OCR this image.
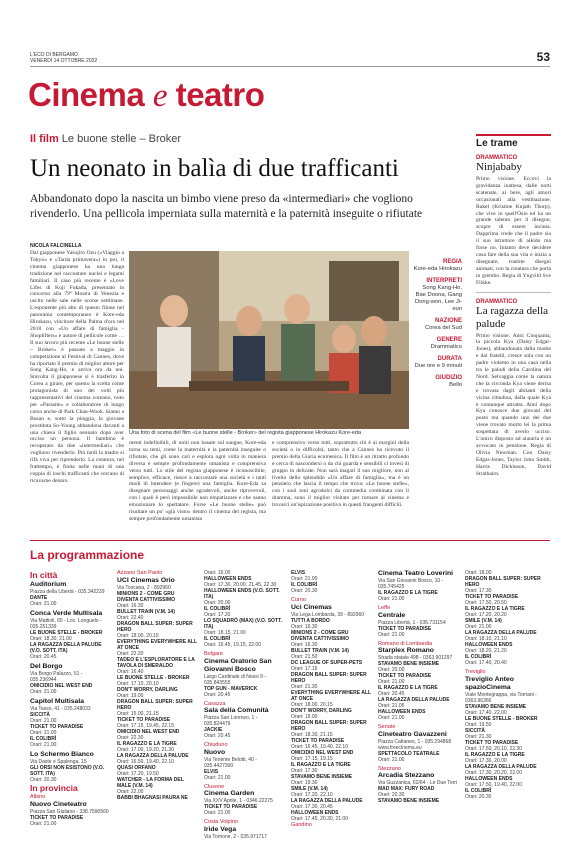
L'ECO DI BERGAMO
VENERDÌ 14 OTTOBRE 2022	53
Cinema e teatro
Il film Le buone stelle – Broker
Un neonato in balìa di due trafficanti
Abbandonato dopo la nascita un bimbo viene preso da «intermediari» che vogliono rivenderlo. Una pellicola imperniata sulla maternità e la paternità inseguite o rifiutate
NICOLA FALCINELLA
Dal giapponese Yasujiro Ozu («Viaggio a Tokyo» e «Tarda primavera») in poi, il cinema giapponese ha una lunga tradizione nel raccontare nuclei e legami familiari. Il caso più recente è «Love Lifes di Koji Fukada, presentato in concorso alla 79ª Mostra di Venezia e uscito nelle sale nelle scorse settimane. L'esponente più alto di questo filone nel panorama contemporaneo è Kore-eda Hirokazu, vincitore della Palma d'oro nel 2018 con «Un affare di famiglia - Shoplifters» e autore di pellicole come … Il suo lavoro più recente «Le buone stelle – Broker» è passato a maggio in competizione al Festival di Cannes, dove ha riportato il premio di miglior attore per Song Kang-Ho, e arriva ora da noi. Stavolta il giapponese si è trasferito in Corea a girare, per questo la scelta come protagonista di uno dei volti più rappresentativi del cinema coreano, noto per «Parasite» e collaboratore di lungo corso anche di Park Chan-Wook. Siamo a Busan e, sotto la pioggia, la giovane prostituta So-Young abbandona davanti a una chiesa il figlio neonato dopo aver ucciso un persona. Il bambino è recuperato da due «intermediari» che vogliono rivenderlo. Più tardi la madre si rifà viva per riprenderlo. La creatura, nel frattempo, è finita nelle mani di una coppia di loschi trafficanti che cercano di ricavarne denaro.
menti indefinibili, di uniti non basate sul sangue, Kore-eda torna su temi, come la maternità e la paternità inseguite o rifiutate, che gli sono cari e esplora ogni volta in maniera diversa e sempre profondamente umanista e comprensiva verso tutti. Lo stile del regista giapponese è riconoscibile, semplice, efficace, riesce a raccontare una società e i tanti modi di intendere (e fingere) una famiglia. Kore-Eda sa disegnare personaggi anche sgradevoli, anche riprovevoli, con i quali è però impossibile non empatizzare e che sanno emozionare lo spettatore. Forse «Le buone stelle» può risultare un po' «già visto» dentro il cinema del regista, ma sempre profondamente umanista
e comprensivo verso tutti, soprattutto chi è ai margini della società o in difficoltà, tanto che a Cannes ha ricevuto il premio della Giuria ecumenica. Il film è un ritratto profondo e cerca di nascondersi o da chi guarda e sensibili ci invesi di gruppo in delicate. Non sarà magari il suo migliore, non al livello dello splendido «Un affare di famiglia», ma è un pensiero che lascia il tempo che trova: «Le buone stelle», con i suoi toni agrodolci da commedia combinata con il dramma, sono il miglior visitato per tornare al cinema e trovarci un'ispirazione positiva in questi frangenti difficili.
Una foto di scena del film «Le buone stelle - Broker» del regista giapponese Hirokazu Kore-eda
REGIA
Kore-eda Hirokazu
INTERPRETI
Song Kang-Ho, Bae Doona, Gang Dong-won, Lee Ji-eun
NAZIONE
Corea del Sud
GENERE
Drammatico
DURATA
Due ore e 9 minuti
GIUDIZIO
Bello
Le trame
DRAMMATICO
Ninjababy
Primo visione. Eccovi la gravidanza inattesa, dalle notti scatenate, al bere, agli amori occasionali alla vestibazione. Rakel (Kristine Kujath Thorp), che vive in quell'Oslo ed ha un grande talento per il disegno, scopre di essere incinta. Dapprima crede che il padre sia il suo istruttore di aikido ma forse no. Intanto deve decidere cosa fare della sua vita e inizia a disegnare, tramite disegni animati, con la creatura che porta in grembo. Regia di Yngvild Sve Flikke.
DRAMMATICO
La ragazza della palude
Primo visione. Anni Cinquanta, la piccola Kya (Daisy Edgar-Jones), abbandonata dalla madre e dai fratelli, cresce sola con un padre violento in una casa nella tra le paludi della Carolina del Nord. Selvaggia come la natura che la circonda Kya viene derisa e trovata dagli abitanti della vicina cittadina, dalla quale Kya è comunque attratta. Anni dopo Kya conosce due giovani del posto ma quando uno dei due viene trovato morto lei la prima sospettata di averlo ucciso. L'unico disposto ad aiutarla è un avvocato in pensione. Regia di Olivia Newman. Con Daisy Edgar-Jones, Taylor John Smith, Harris Dickinson, David Strathairn.
La programmazione
In città
Auditorium
Piazza della Libertà - 035.342239
DANTE
Orari: 21.00
Conca Verde Multisala
Via Mattioli, 65 - Loc. Longuelo - 035.251339
LE BUONE STELLE - BROKER
Orari: 18.30, 21.00
LA RAGAZZA DELLA PALUDE (V.O. SOTT. ITA)
Orari: 20.45
Del Borgo
Via Borgo Palazzo, 51 - 035.236944
OMICIDIO NEL WEST END
Orari: 21.00
Capitol Multisala
Via Tasso, 41 - 035.248033
SICCITÀ
Orari: 21.00
TICKET TO PARADISE
Orari: 21.00
IL COLIBRÌ
Orari: 21.00
Lo Schermo Bianco
Via Daste e Spalenga, 15
GLI ORSI NON ESISTONO (V.O. SOTT. ITA)
Orari: 20.30
In provincia
Albino
Nuovo Cineteatro
Piazza San Giuliano - 338.7590560
TICKET TO PARADISE
Orari: 21.00
Azzano San Paolo
UCI Cinemas Orio
Via Toscana, 2 - 892960
MINIONS 2 - COME GRU DIVENTA CATTIVISSIMO
Orari: 16.30
BULLET TRAIN (V.M. 14)
Orari: 22.40
DRAGON BALL SUPER: SUPER HERO
Orari: 18.00, 20.15
EVERYTHING EVERYWHERE ALL AT ONCE
Orari: 22.20
TADEO E L'ESPLORATORE E LA TAVOLA DI SMERALDO
Orari: 16.40
LE BUONE STELLE - BROKER
Orari: 17.10, 20.10
DON'T WORRY, DARLING
Orari: 19.00
DRAGON BALL SUPER: SUPER HERO
Orari: 15.00, 21.15
TICKET TO PARADISE
Orari: 17.15, 19.45, 22.15
OMICIDIO NEL WEST END
Orari: 22.30
IL RAGAZZO E LA TIGRE
Orari: 17.00, 19.20, 21.30
LA RAGAZZA DELLA PALUDE
Orari: 16.50, 19.40, 22.10
QUASI ORFANO
Orari: 17.20, 19.50
WATCHER - LA FORMA DEL MALE (V.M. 14)
Orari: 22.00
BABBI BHAGNASI PAURA NE
Orari: 16.00
HALLOWEEN ENDS
Orari: 17.30, 20.00, 21.45, 22.30
HALLOWEEN ENDS (V.O. SOTT. ITA)
Orari: 20.00
IL COLIBRÌ
Orari: 17.20
LO SQUADRÒ (MAX) (V.O. SOTT. ITA)
Orari: 18.15, 21.00
IL COLIBRÌ
Orari: 16.45, 19.15, 22.00
Bolgare
Cinema Oratorio San Giovanni Bosco
Largo Cardinale di Nossi 9 - 035.843555
TOP GUN - MAVERICK
Orari: 20.45
Casazza
Sala della Comunità
Piazza San Lorenzo, 1 - 035.824479
JACKIE
Orari: 20.45
Chiuduno
Nuovo
Via Tenente Belotti, 40 - 035.4427300
ELVIS
Orari: 21.00
Clusone
Cinema Garden
Via XXV Aprile, 1 - 0346.22275
TICKET TO PARADISE
Orari: 21.00
Costa Volpino
Iride Vega
Via Torrione, 2 - 035.971717
ELVIS
Orari: 21.00
IL COLIBRÌ
Orari: 20.30
Curno
Uci Cinemas
Via Lega Lombarda, 39 - 892960
TUTTI A BORDO
Orari: 16.30
MINIONS 2 - COME GRU DIVENTA CATTIVISSIMO
Orari: 16.30
BULLET TRAIN (V.M. 14)
Orari: 21.50
DC LEAGUE OF SUPER-PETS
Orari: 17.15
DRAGON BALL SUPER: SUPER HERO
Orari: 21.30
EVERYTHING EVERYWHERE ALL AT ONCE
Orari: 18.00, 20.15
DON'T WORRY, DARLING
Orari: 19.00
DRAGON BALL SUPER: SUPER HERO
Orari: 18.30, 21.15
TICKET TO PARADISE
Orari: 16.45, 19.40, 22.10
OMICIDIO NEL WEST END
Orari: 17.15, 19.15
IL RAGAZZO E LA TIGRE
Orari: 17.30
STAVAMO BENE INSIEME
Orari: 19.30
SMILE (V.M. 14)
Orari: 17.20, 22.10
LA RAGAZZA DELLA PALUDE
Orari: 17.30, 20.45
HALLOWEEN ENDS
Orari: 17.45, 20.30, 21.00
Gandino
Cinema Teatro Loverini
Via San Giovanni Bosco, 10 - 035.745425
IL RAGAZZO E LA TIGRE
Orari: 21.00
Leffe
Centrale
Piazza Libertà, 1 - 035.731154
TICKET TO PARADISE
Orari: 21.00
Romano di Lombardia
Starplex Romano
Strada statale 498 - 0363.901297
STAVAMO BENE INSIEME
Orari: 20.00
TICKET TO PARADISE
Orari: 21.00
IL RAGAZZO E LA TIGRE
Orari: 20.45
LA RAGAZZA DELLA PALUDE
Orari: 21.05
HALLOWEEN ENDS
Orari: 21.00
Seriate
Cineteatro Gavazzeni
Piazza Cattaneo, 1 - 035.294868
www.freecinema.eu
SPETTACOLO TEATRALE
Orari: 21.00
Stezzano
Arcadia Stezzano
Via Guzzanica, 62/64 - Le Due Torri
MAD MAX: FURY ROAD
Orari: 20.30
STAVAMO BENE INSIEME
Orari: 18.00
DRAGON BALL SUPER: SUPER HERO
Orari: 17.30
TICKET TO PARADISE
Orari: 17.50, 20.50
IL RAGAZZO E LA TIGRE
Orari: 17.20, 20.20
SMILE (V.M. 14)
Orari: 21.00
LA RAGAZZA DELLA PALUDE
Orari: 18.10, 21.10
HALLOWEEN ENDS
Orari: 18.20, 21.20
IL COLIBRÌ
Orari: 17.40, 20.40
Treviglio
Treviglio Anteo spazioCinema
Viale Montegrappa, via Torriani - 0363.96366
STAVAMO BENE INSIEME
Orari: 17.40, 22.00
LE BUONE STELLE - BROKER
Orari: 19.50
SICCITÀ
Orari: 21.30
TICKET TO PARADISE
Orari: 17.50, 20.10, 22.30
IL RAGAZZO E LA TIGRE
Orari: 17.30, 20.00
LA RAGAZZA DELLA PALUDE
Orari: 17.30, 20.20, 22.00
HALLOWEEN ENDS
Orari: 17.50, 19.40, 22.00
IL COLIBRÌ
Orari: 20.30
